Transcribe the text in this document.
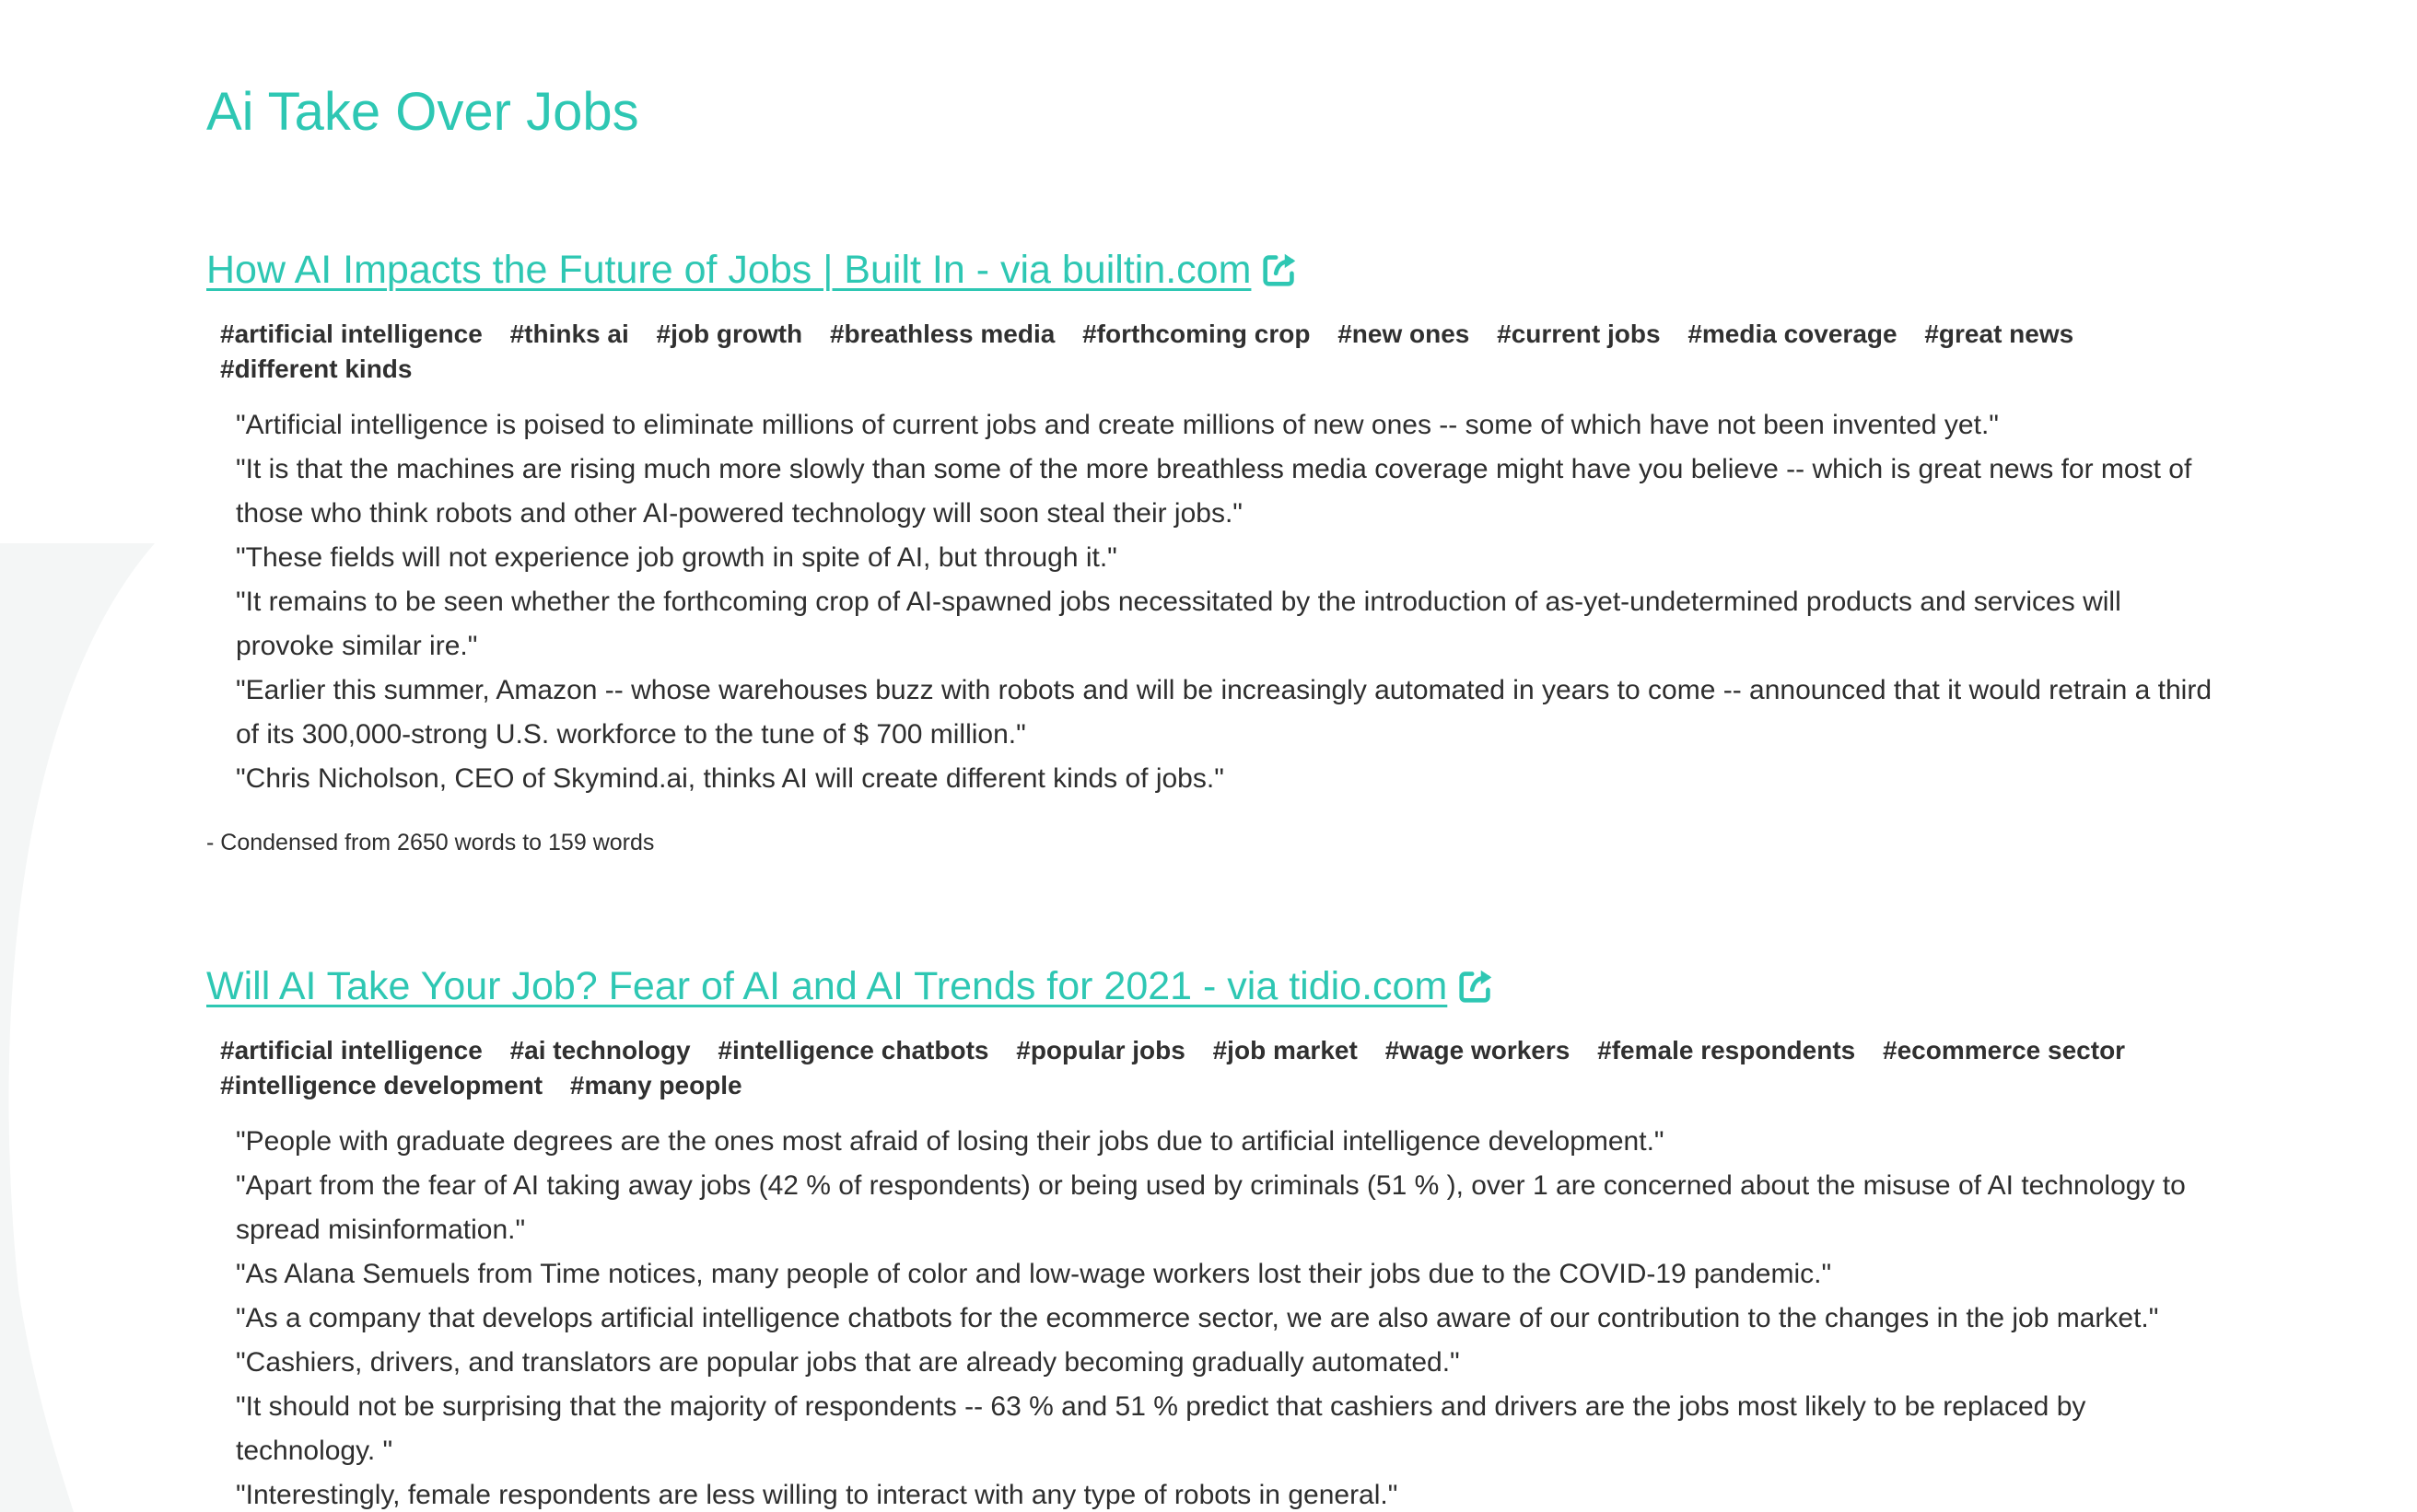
Ai Take Over Jobs
How AI Impacts the Future of Jobs | Built In - via builtin.com
#artificial intelligence #thinks ai #job growth #breathless media #forthcoming crop #new ones #current jobs #media coverage #great news #different kinds
"Artificial intelligence is poised to eliminate millions of current jobs and create millions of new ones -- some of which have not been invented yet."
"It is that the machines are rising much more slowly than some of the more breathless media coverage might have you believe -- which is great news for most of those who think robots and other AI-powered technology will soon steal their jobs."
"These fields will not experience job growth in spite of AI, but through it."
"It remains to be seen whether the forthcoming crop of AI-spawned jobs necessitated by the introduction of as-yet-undetermined products and services will provoke similar ire."
"Earlier this summer, Amazon -- whose warehouses buzz with robots and will be increasingly automated in years to come -- announced that it would retrain a third of its 300,000-strong U.S. workforce to the tune of $ 700 million."
"Chris Nicholson, CEO of Skymind.ai, thinks AI will create different kinds of jobs."

- Condensed from 2650 words to 159 words

Will AI Take Your Job? Fear of AI and AI Trends for 2021 - via tidio.com
#artificial intelligence #ai technology #intelligence chatbots #popular jobs #job market #wage workers #female respondents #ecommerce sector #intelligence development #many people
"People with graduate degrees are the ones most afraid of losing their jobs due to artificial intelligence development."
"Apart from the fear of AI taking away jobs (42 % of respondents) or being used by criminals (51 % ), over 1 are concerned about the misuse of AI technology to spread misinformation."
"As Alana Semuels from Time notices, many people of color and low-wage workers lost their jobs due to the COVID-19 pandemic."
"As a company that develops artificial intelligence chatbots for the ecommerce sector, we are also aware of our contribution to the changes in the job market."
"Cashiers, drivers, and translators are popular jobs that are already becoming gradually automated."
"It should not be surprising that the majority of respondents -- 63 % and 51 % predict that cashiers and drivers are the jobs most likely to be replaced by technology. "
"Interestingly, female respondents are less willing to interact with any type of robots in general."
